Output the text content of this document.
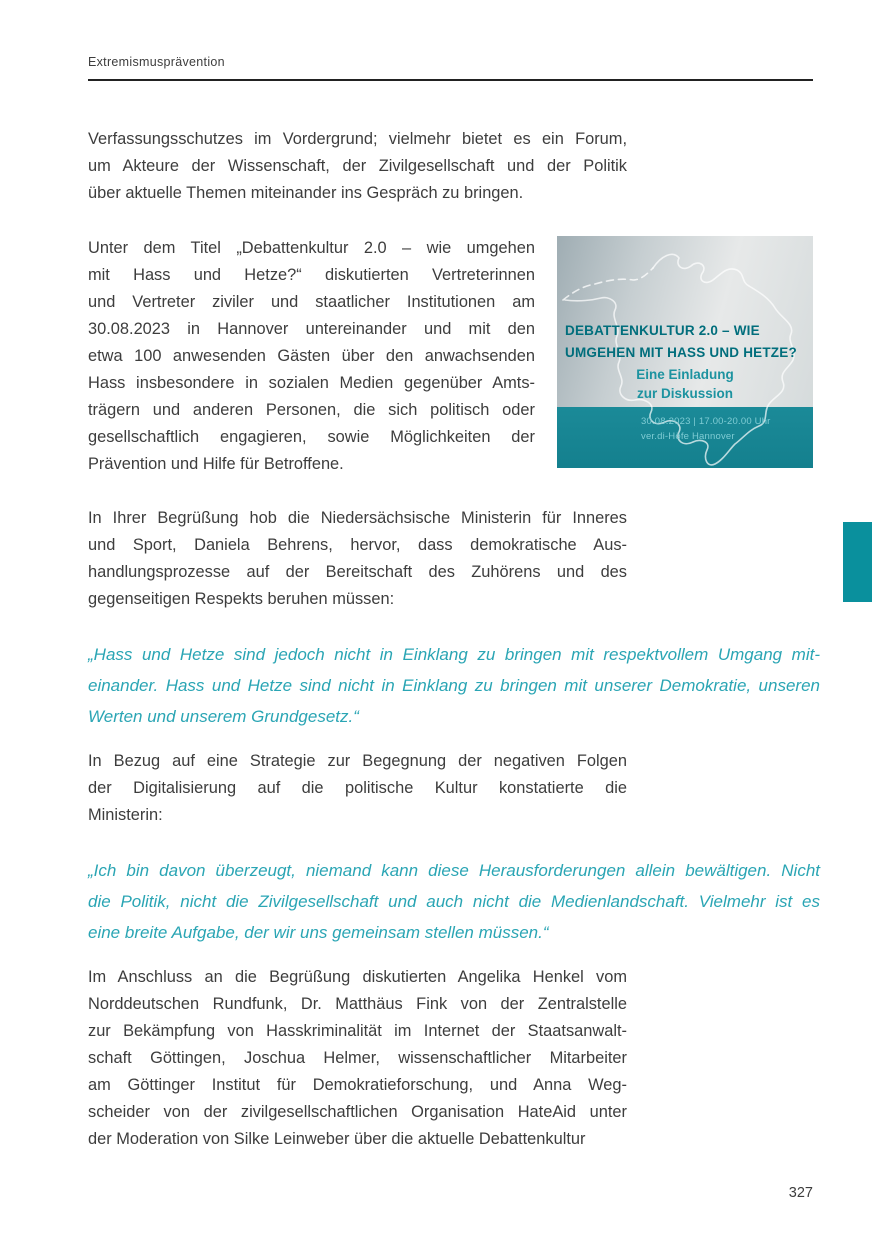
Extremismusprävention
Verfassungsschutzes im Vordergrund; vielmehr bietet es ein Forum,
um Akteure der Wissenschaft, der Zivilgesellschaft und der Politik
über aktuelle Themen miteinander ins Gespräch zu bringen.
Unter dem Titel „Debattenkultur 2.0 – wie umgehen
mit Hass und Hetze?“ diskutierten Vertreterinnen
und Vertreter ziviler und staatlicher Institutionen am
30.08.2023 in Hannover untereinander und mit den
etwa 100 anwesenden Gästen über den anwachsenden
Hass insbesondere in sozialen Medien gegenüber Amts-
trägern und anderen Personen, die sich politisch oder
gesellschaftlich engagieren, sowie Möglichkeiten der
Prävention und Hilfe für Betroffene.
DEBATTENKULTUR 2.0 – WIE
UMGEHEN MIT HASS UND HETZE?
Eine Einladung
zur Diskussion
30.08.2023 | 17.00-20.00 Uhr
ver.di-Höfe Hannover
In Ihrer Begrüßung hob die Niedersächsische Ministerin für Inneres
und Sport, Daniela Behrens, hervor, dass demokratische Aus-
handlungsprozesse auf der Bereitschaft des Zuhörens und des
gegenseitigen Respekts beruhen müssen:
„Hass und Hetze sind jedoch nicht in Einklang zu bringen mit respektvollem Umgang mit-
einander. Hass und Hetze sind nicht in Einklang zu bringen mit unserer Demokratie, unseren
Werten und unserem Grundgesetz.“
In Bezug auf eine Strategie zur Begegnung der negativen Folgen
der Digitalisierung auf die politische Kultur konstatierte die
Ministerin:
„Ich bin davon überzeugt, niemand kann diese Herausforderungen allein bewältigen. Nicht
die Politik, nicht die Zivilgesellschaft und auch nicht die Medienlandschaft. Vielmehr ist es
eine breite Aufgabe, der wir uns gemeinsam stellen müssen.“
Im Anschluss an die Begrüßung diskutierten Angelika Henkel vom
Norddeutschen Rundfunk, Dr. Matthäus Fink von der Zentralstelle
zur Bekämpfung von Hasskriminalität im Internet der Staatsanwalt-
schaft Göttingen, Joschua Helmer, wissenschaftlicher Mitarbeiter
am Göttinger Institut für Demokratieforschung, und Anna Weg-
scheider von der zivilgesellschaftlichen Organisation HateAid unter
der Moderation von Silke Leinweber über die aktuelle Debattenkultur
327
